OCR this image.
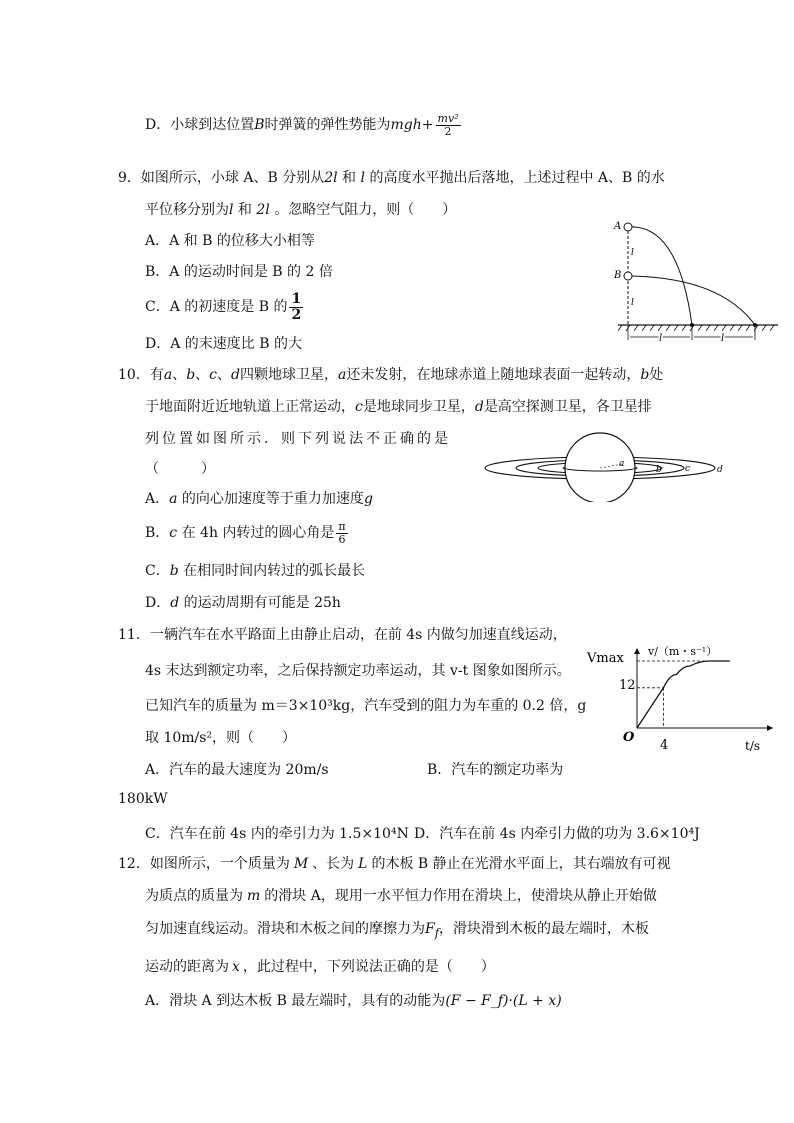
D．小球到达位置B时弹簧的弹性势能为$mgh+ \frac{\text{mv²}}{2}$
9．如图所示，小球 A、B 分别从2l 和 l 的高度水平抛出后落地，上述过程中 A、B 的水
平位移分别为l 和 2l 。忽略空气阻力，则（　　）
A．A 和 B 的位移大小相等
B．A 的运动时间是 B 的 2 倍
C．A 的初速度是 B 的 $\frac{1}{2}$
D．A 的末速度比 B 的大
A
B
l	l
l
l
10．有a、b、c、d四颗地球卫星，a还未发射，在地球赤道上随地球表面一起转动，b处
于地面附近近地轨道上正常运动，c是地球同步卫星，d是高空探测卫星，各卫星排
列位置如图所示．则下列说法不正确的是
（　　　）
A．a 的向心加速度等于重力加速度g
B．c 在 4h 内转过的圆心角是 $\frac{\pi}{6}$
C．b 在相同时间内转过的弧长最长
D．d 的运动周期有可能是 25h
a
b	c	d
11．一辆汽车在水平路面上由静止启动，在前 4s 内做匀加速直线运动，
4s 末达到额定功率，之后保持额定功率运动，其 v-t 图象如图所示。
已知汽车的质量为 m＝3×10³kg，汽车受到的阻力为车重的 0.2 倍，g
取 10m/s²，则（　　）
A．汽车的最大速度为 20m/s	B．汽车的额定功率为
180kW
C．汽车在前 4s 内的牵引力为 1.5×10⁴N D．汽车在前 4s 内牵引力做的功为 3.6×10⁴J
Vmax v/（m・s⁻¹）
12
O
4	t/s
12．如图所示，一个质量为 M 、长为 L 的木板 B 静止在光滑水平面上，其右端放有可视
为质点的质量为 m 的滑块 A，现用一水平恒力作用在滑块上，使滑块从静止开始做
匀加速直线运动。滑块和木板之间的摩擦力为$F_f$，滑块滑到木板的最左端时，木板
运动的距离为 x ，此过程中，下列说法正确的是（　　）
A．滑块 A 到达木板 B 最左端时，具有的动能为(F − F_f)·(L + x)
